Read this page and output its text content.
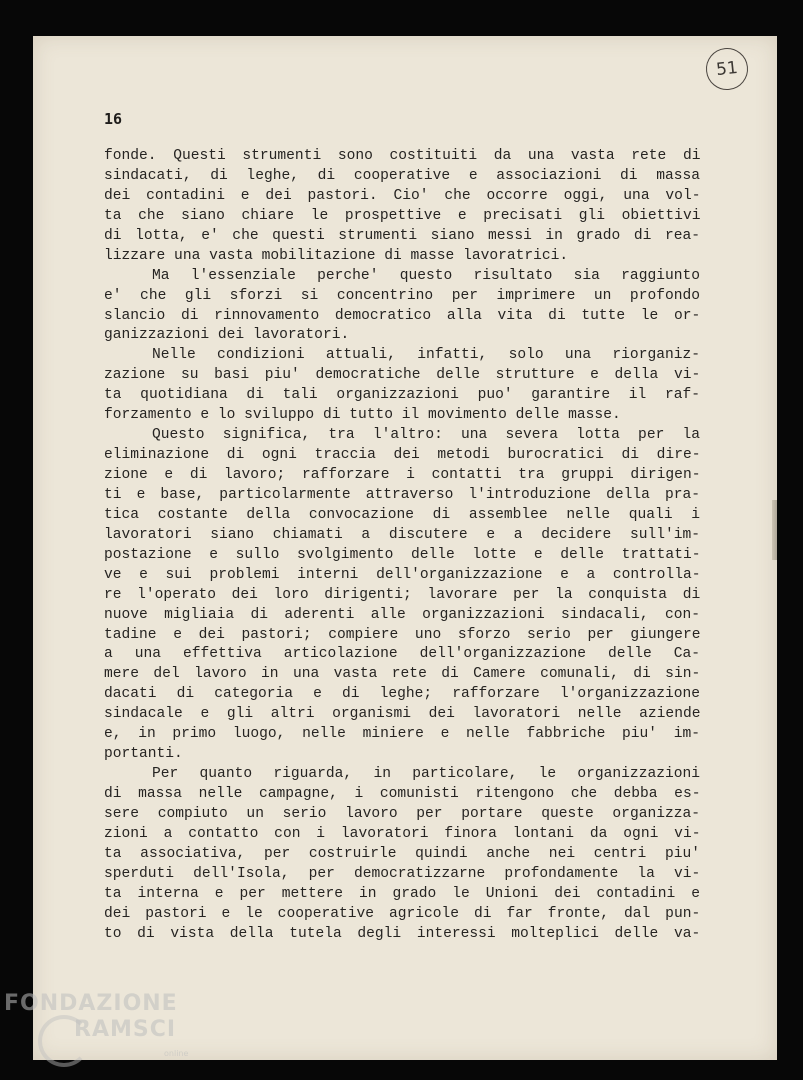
51
16
fonde. Questi strumenti sono costituiti da una vasta rete di
sindacati, di leghe, di cooperative e associazioni di massa
dei contadini e dei pastori. Cio' che occorre oggi, una vol-
ta che siano chiare le prospettive e precisati gli obiettivi
di lotta, e' che questi strumenti siano messi in grado di rea-
lizzare una vasta mobilitazione di masse lavoratrici.
Ma l'essenziale perche' questo risultato sia raggiunto
e' che gli sforzi si concentrino per imprimere un profondo
slancio di rinnovamento democratico alla vita di tutte le or-
ganizzazioni dei lavoratori.
Nelle condizioni attuali, infatti, solo una riorganiz-
zazione su basi piu' democratiche delle strutture e della vi-
ta quotidiana di tali organizzazioni puo' garantire il raf-
forzamento e lo sviluppo di tutto il movimento delle masse.
Questo significa, tra l'altro: una severa lotta per la
eliminazione di ogni traccia dei metodi burocratici di dire-
zione e di lavoro; rafforzare i contatti tra gruppi dirigen-
ti e base, particolarmente attraverso l'introduzione della pra-
tica costante della convocazione di assemblee nelle quali i
lavoratori siano chiamati a discutere e a decidere sull'im-
postazione e sullo svolgimento delle lotte e delle trattati-
ve e sui problemi interni dell'organizzazione e a controlla-
re l'operato dei loro dirigenti; lavorare per la conquista di
nuove migliaia di aderenti alle organizzazioni sindacali, con-
tadine e dei pastori; compiere uno sforzo serio per giungere
a una effettiva articolazione dell'organizzazione delle Ca-
mere del lavoro in una vasta rete di Camere comunali, di sin-
dacati di categoria e di leghe; rafforzare l'organizzazione
sindacale e gli altri organismi dei lavoratori nelle aziende
e, in primo luogo, nelle miniere e nelle fabbriche piu' im-
portanti.
Per quanto riguarda, in particolare, le organizzazioni
di massa nelle campagne, i comunisti ritengono che debba es-
sere compiuto un serio lavoro per portare queste organizza-
zioni a contatto con i lavoratori finora lontani da ogni vi-
ta associativa, per costruirle quindi anche nei centri piu'
sperduti dell'Isola, per democratizzarne profondamente la vi-
ta interna e per mettere in grado le Unioni dei contadini e
dei pastori e le cooperative agricole di far fronte, dal pun-
to di vista della tutela degli interessi molteplici delle va-
FONDAZIONE
RAMSCI
online
